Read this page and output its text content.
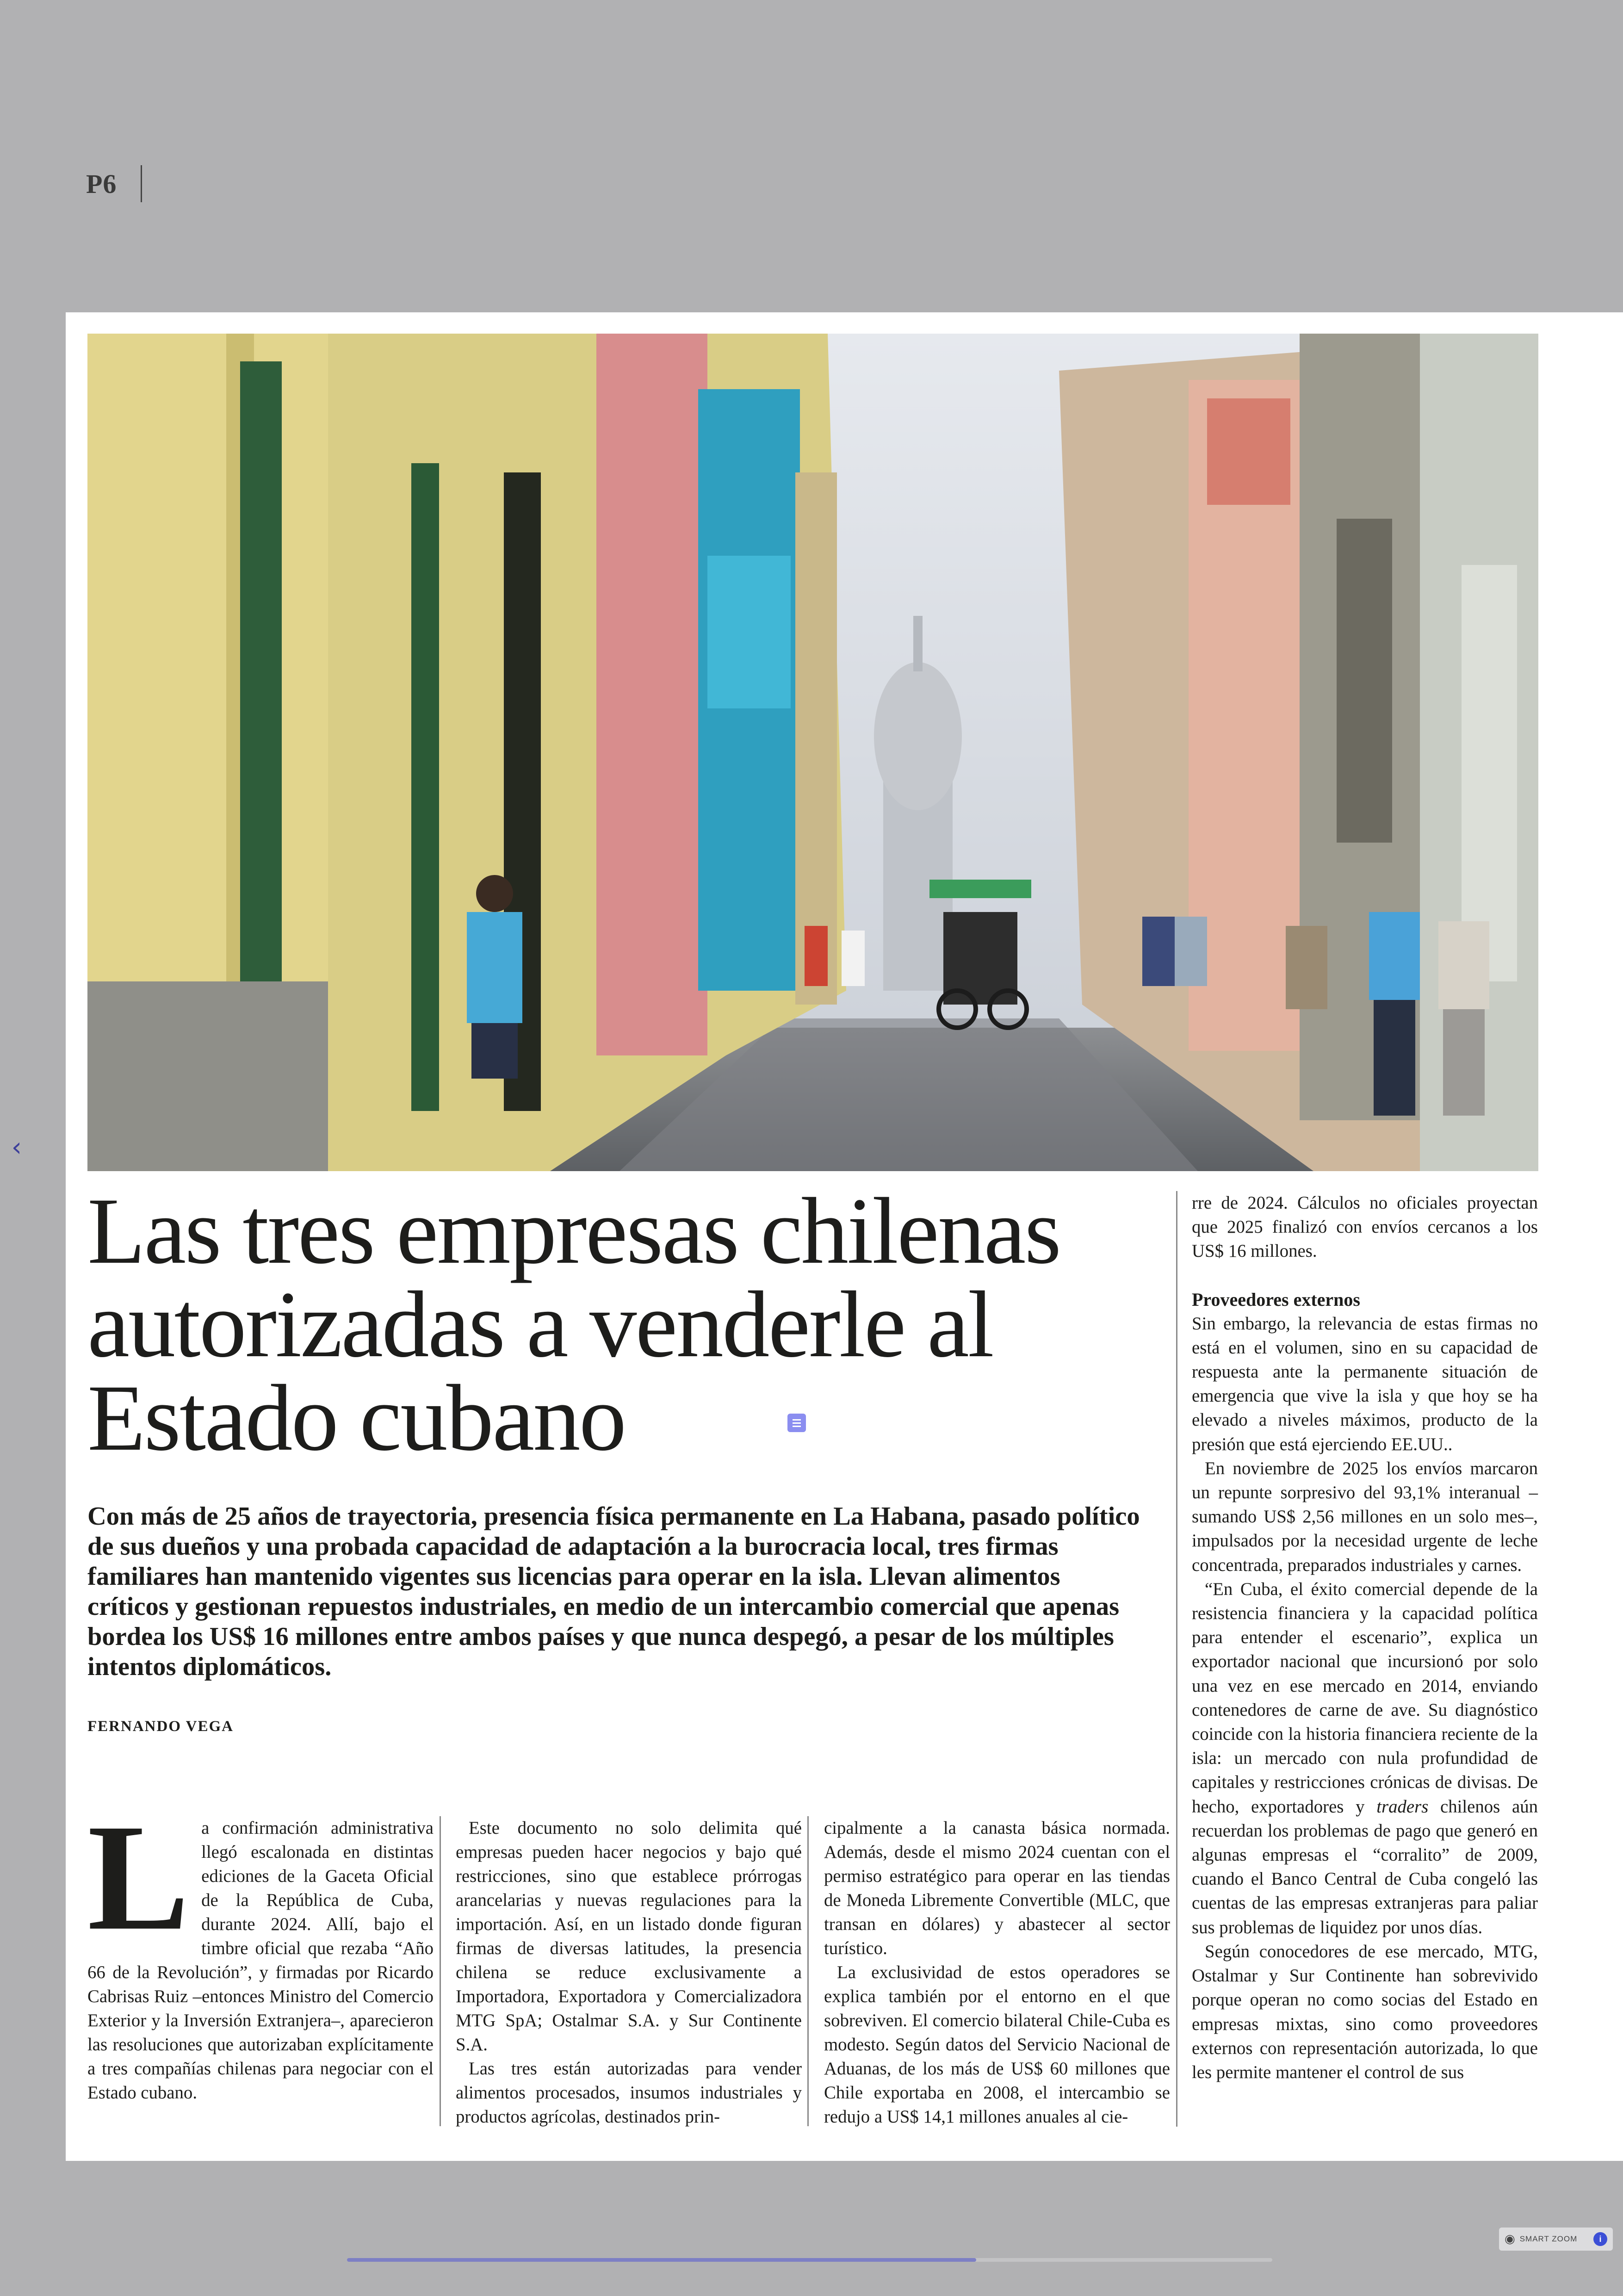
P6
‹
Las tres empresas chilenas
autorizadas a venderle al
Estado cubano

Con más de 25 años de trayectoria, presencia física permanente en La Habana, pasado político de sus dueños y una probada capacidad de adaptación a la burocracia local, tres firmas familiares han mantenido vigentes sus licencias para operar en la isla. Llevan alimentos críticos y gestionan repuestos industriales, en medio de un intercambio comercial que apenas bordea los US$ 16 millones entre ambos países y que nunca despegó, a pesar de los múltiples intentos diplomáticos.

FERNANDO VEGA
L a confirmación administrativa llegó escalonada en distintas ediciones de la Gaceta Oficial de la República de Cuba, durante 2024. Allí, bajo el timbre oficial que rezaba “Año 66 de la Revolución”, y firmadas por Ricardo Cabrisas Ruiz –entonces Ministro del Comercio Exterior y la Inversión Extranjera–, aparecieron las resoluciones que autorizaban explícitamente a tres compañías chilenas para negociar con el Estado cubano.

Este documento no solo delimita qué empresas pueden hacer negocios y bajo qué restricciones, sino que establece prórrogas arancelarias y nuevas regulaciones para la importación. Así, en un listado donde figuran firmas de diversas latitudes, la presencia chilena se reduce exclusivamente a Importadora, Exportadora y Comercializadora MTG SpA; Ostalmar S.A. y Sur Continente S.A.

Las tres están autorizadas para vender alimentos procesados, insumos industriales y productos agrícolas, destinados prin-

cipalmente a la canasta básica normada. Además, desde el mismo 2024 cuentan con el permiso estratégico para operar en las tiendas de Moneda Libremente Convertible (MLC, que transan en dólares) y abastecer al sector turístico.

La exclusividad de estos operadores se explica también por el entorno en el que sobreviven. El comercio bilateral Chile-Cuba es modesto. Según datos del Servicio Nacional de Aduanas, de los más de US$ 60 millones que Chile exportaba en 2008, el intercambio se redujo a US$ 14,1 millones anuales al cie-

rre de 2024. Cálculos no oficiales proyectan que 2025 finalizó con envíos cercanos a los US$ 16 millones.

Proveedores externos

Sin embargo, la relevancia de estas firmas no está en el volumen, sino en su capacidad de respuesta ante la permanente situación de emergencia que vive la isla y que hoy se ha elevado a niveles máximos, producto de la presión que está ejerciendo EE.UU..

En noviembre de 2025 los envíos marcaron un repunte sorpresivo del 93,1% interanual –sumando US$ 2,56 millones en un solo mes–, impulsados por la necesidad urgente de leche concentrada, preparados industriales y carnes.

“En Cuba, el éxito comercial depende de la resistencia financiera y la capacidad política para entender el escenario”, explica un exportador nacional que incursionó por solo una vez en ese mercado en 2014, enviando contenedores de carne de ave. Su diagnóstico coincide con la historia financiera reciente de la isla: un mercado con nula profundidad de capitales y restricciones crónicas de divisas. De hecho, exportadores y traders chilenos aún recuerdan los problemas de pago que generó en algunas empresas el “corralito” de 2009, cuando el Banco Central de Cuba congeló las cuentas de las empresas extranjeras para paliar sus problemas de liquidez por unos días.

Según conocedores de ese mercado, MTG, Ostalmar y Sur Continente han sobrevivido porque operan no como socias del Estado en empresas mixtas, sino como proveedores externos con representación autorizada, lo que les permite mantener el control de sus

◉ SMART ZOOM	i
